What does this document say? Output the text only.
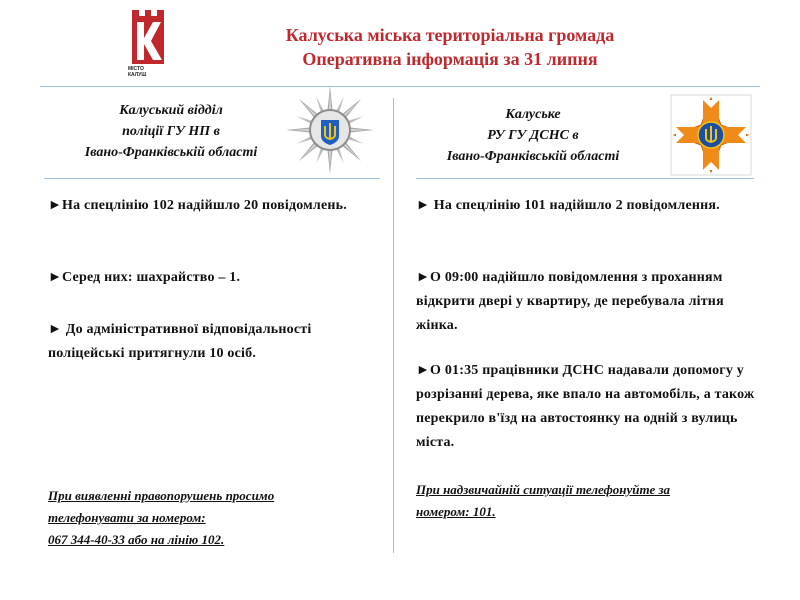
МІСТО
КАЛУШ
Калуська міська територіальна громада
Оперативна інформація за 31 липня
Калуський відділ
поліції ГУ НП в
Івано-Франківській області
►На спецлінію 102 надійшло 20 повідомлень.
►Серед них: шахрайство – 1.
► До адміністративної відповідальності поліцейські притягнули 10 осіб.
При виявленні правопорушень просимо
телефонувати за номером:
067 344-40-33 або на лінію 102.
Калуське
РУ ГУ ДСНС в
Івано-Франківській області
► На спецлінію 101 надійшло 2 повідомлення.
►О 09:00 надійшло повідомлення з проханням відкрити двері у квартиру, де перебувала літня жінка.
►О 01:35 працівники ДСНС надавали допомогу у розрізанні дерева, яке впало на автомобіль, а також перекрило в'їзд на автостоянку на одній з вулиць міста.
При надзвичайній ситуації телефонуйте за
номером: 101.
